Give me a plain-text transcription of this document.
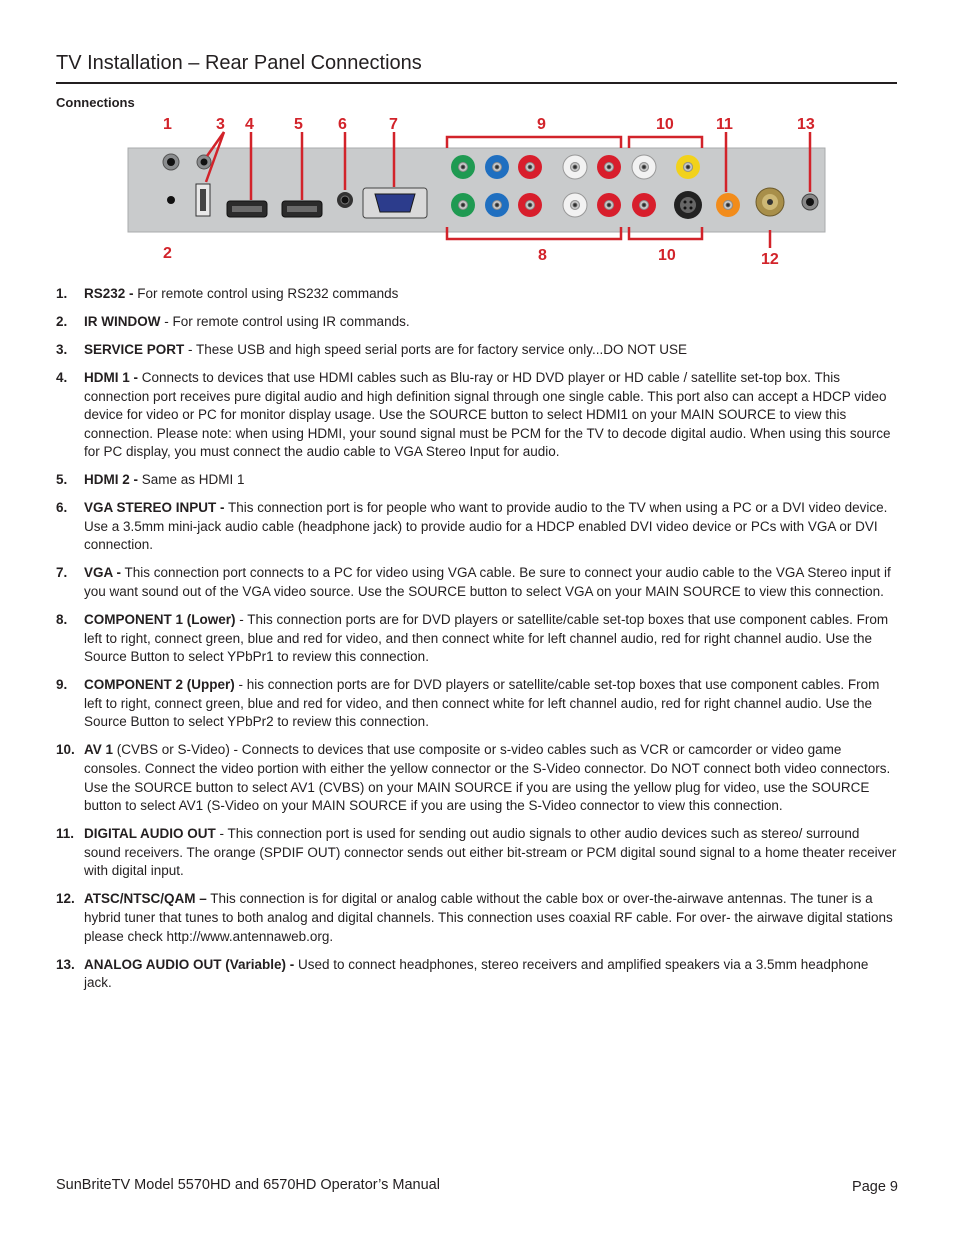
TV Installation – Rear Panel Connections
Connections
1
2
3 4	5 6	7
8
9	10
10
11
12
13
1. RS232 - For remote control using RS232 commands
2. IR WINDOW - For remote control using IR commands.
3. SERVICE PORT - These USB and high speed serial ports are for factory service only...DO NOT USE
4. HDMI 1 - Connects to devices that use HDMI cables such as Blu-ray or HD DVD player or HD cable / satellite set-top box. This connection port receives pure digital audio and high definition signal through one single cable. This port also can accept a HDCP video device for video or PC for monitor display usage. Use the SOURCE button to select HDMI1 on your MAIN SOURCE to view this connection. Please note: when using HDMI, your sound signal must be PCM for the TV to decode digital audio. When using this source for PC display, you must connect the audio cable to VGA Stereo Input for audio.
5. HDMI 2 - Same as HDMI 1
6. VGA STEREO INPUT - This connection port is for people who want to provide audio to the TV when using a PC or a DVI video device. Use a 3.5mm mini-jack audio cable (headphone jack) to provide audio for a HDCP enabled DVI video device or PCs with VGA or DVI connection.
7. VGA - This connection port connects to a PC for video using VGA cable. Be sure to connect your audio cable to the VGA Stereo input if you want sound out of the VGA video source. Use the SOURCE button to select VGA on your MAIN SOURCE to view this connection.
8. COMPONENT 1 (Lower) - This connection ports are for DVD players or satellite/cable set-top boxes that use component cables. From left to right, connect green, blue and red for video, and then connect white for left channel audio, red for right channel audio. Use the Source Button to select YPbPr1 to review this connection.
9. COMPONENT 2 (Upper) - his connection ports are for DVD players or satellite/cable set-top boxes that use component cables. From left to right, connect green, blue and red for video, and then connect white for left channel audio, red for right channel audio. Use the Source Button to select YPbPr2 to review this connection.
10. AV 1 (CVBS or S-Video) - Connects to devices that use composite or s-video cables such as VCR or camcorder or video game consoles. Connect the video portion with either the yellow connector or the S-Video connector. Do NOT connect both video connectors. Use the SOURCE button to select AV1 (CVBS) on your MAIN SOURCE if you are using the yellow plug for video, use the SOURCE button to select AV1 (S-Video on your MAIN SOURCE if you are using the S-Video connector to view this connection.
11. DIGITAL AUDIO OUT - This connection port is used for sending out audio signals to other audio devices such as stereo/ surround sound receivers. The orange (SPDIF OUT) connector sends out either bit-stream or PCM digital sound signal to a home theater receiver with digital input.
12. ATSC/NTSC/QAM – This connection is for digital or analog cable without the cable box or over-the-airwave antennas. The tuner is a hybrid tuner that tunes to both analog and digital channels. This connection uses coaxial RF cable. For over- the airwave digital stations please check http://www.antennaweb.org.
13. ANALOG AUDIO OUT (Variable) - Used to connect headphones, stereo receivers and amplified speakers via a 3.5mm headphone jack.
SunBriteTV Model 5570HD and 6570HD Operator’s Manual	Page 9
